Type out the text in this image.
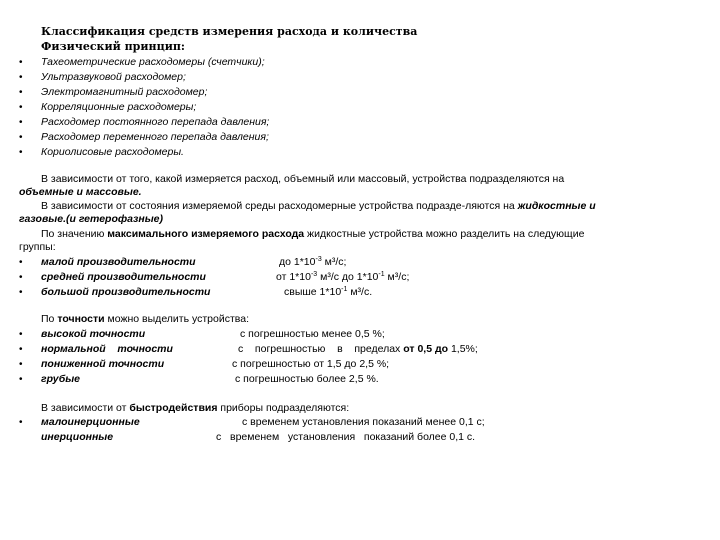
Классификация средств измерения расхода и количества
Физический принцип:
• Тахеометрические расходомеры (счетчики);
• Ультразвуковой расходомер;
• Электромагнитный расходомер;
• Корреляционные расходомеры;
• Расходомер постоянного перепада давления;
• Расходомер переменного перепада давления;
• Кориолисовые расходомеры.
В зависимости от того, какой измеряется расход, объемный или массовый, устройства подразделяются на
объемные и массовые.
В зависимости от состояния измеряемой среды расходомерные устройства подразде-ляются на жидкостные и
газовые.(и гетерофазные)
По значению максимального измеряемого расхода жидкостные устройства можно разделить на следующие
группы:
• малой производительности	до $1*10^{-3}$ м³/с;
• средней производительности	от $1*10^{-3}$ м³/с до $1*10^{-1}$ м³/с;
• большой производительности	свыше $1*10^{-1}$ м³/с.
По точности можно выделить устройства:
• высокой точности	с погрешностью менее 0,5 %;
• нормальной    точности	с    погрешностью    в    пределах от 0,5 до 1,5%;
• пониженной точности	с погрешностью от 1,5 до 2,5 %;
• грубые	с погрешностью более 2,5 %.
В зависимости от быстродействия приборы подразделяются:
• малоинерционные	с временем установления показаний менее 0,1 с;
инерционные	с   временем   установления   показаний более 0,1 с.
